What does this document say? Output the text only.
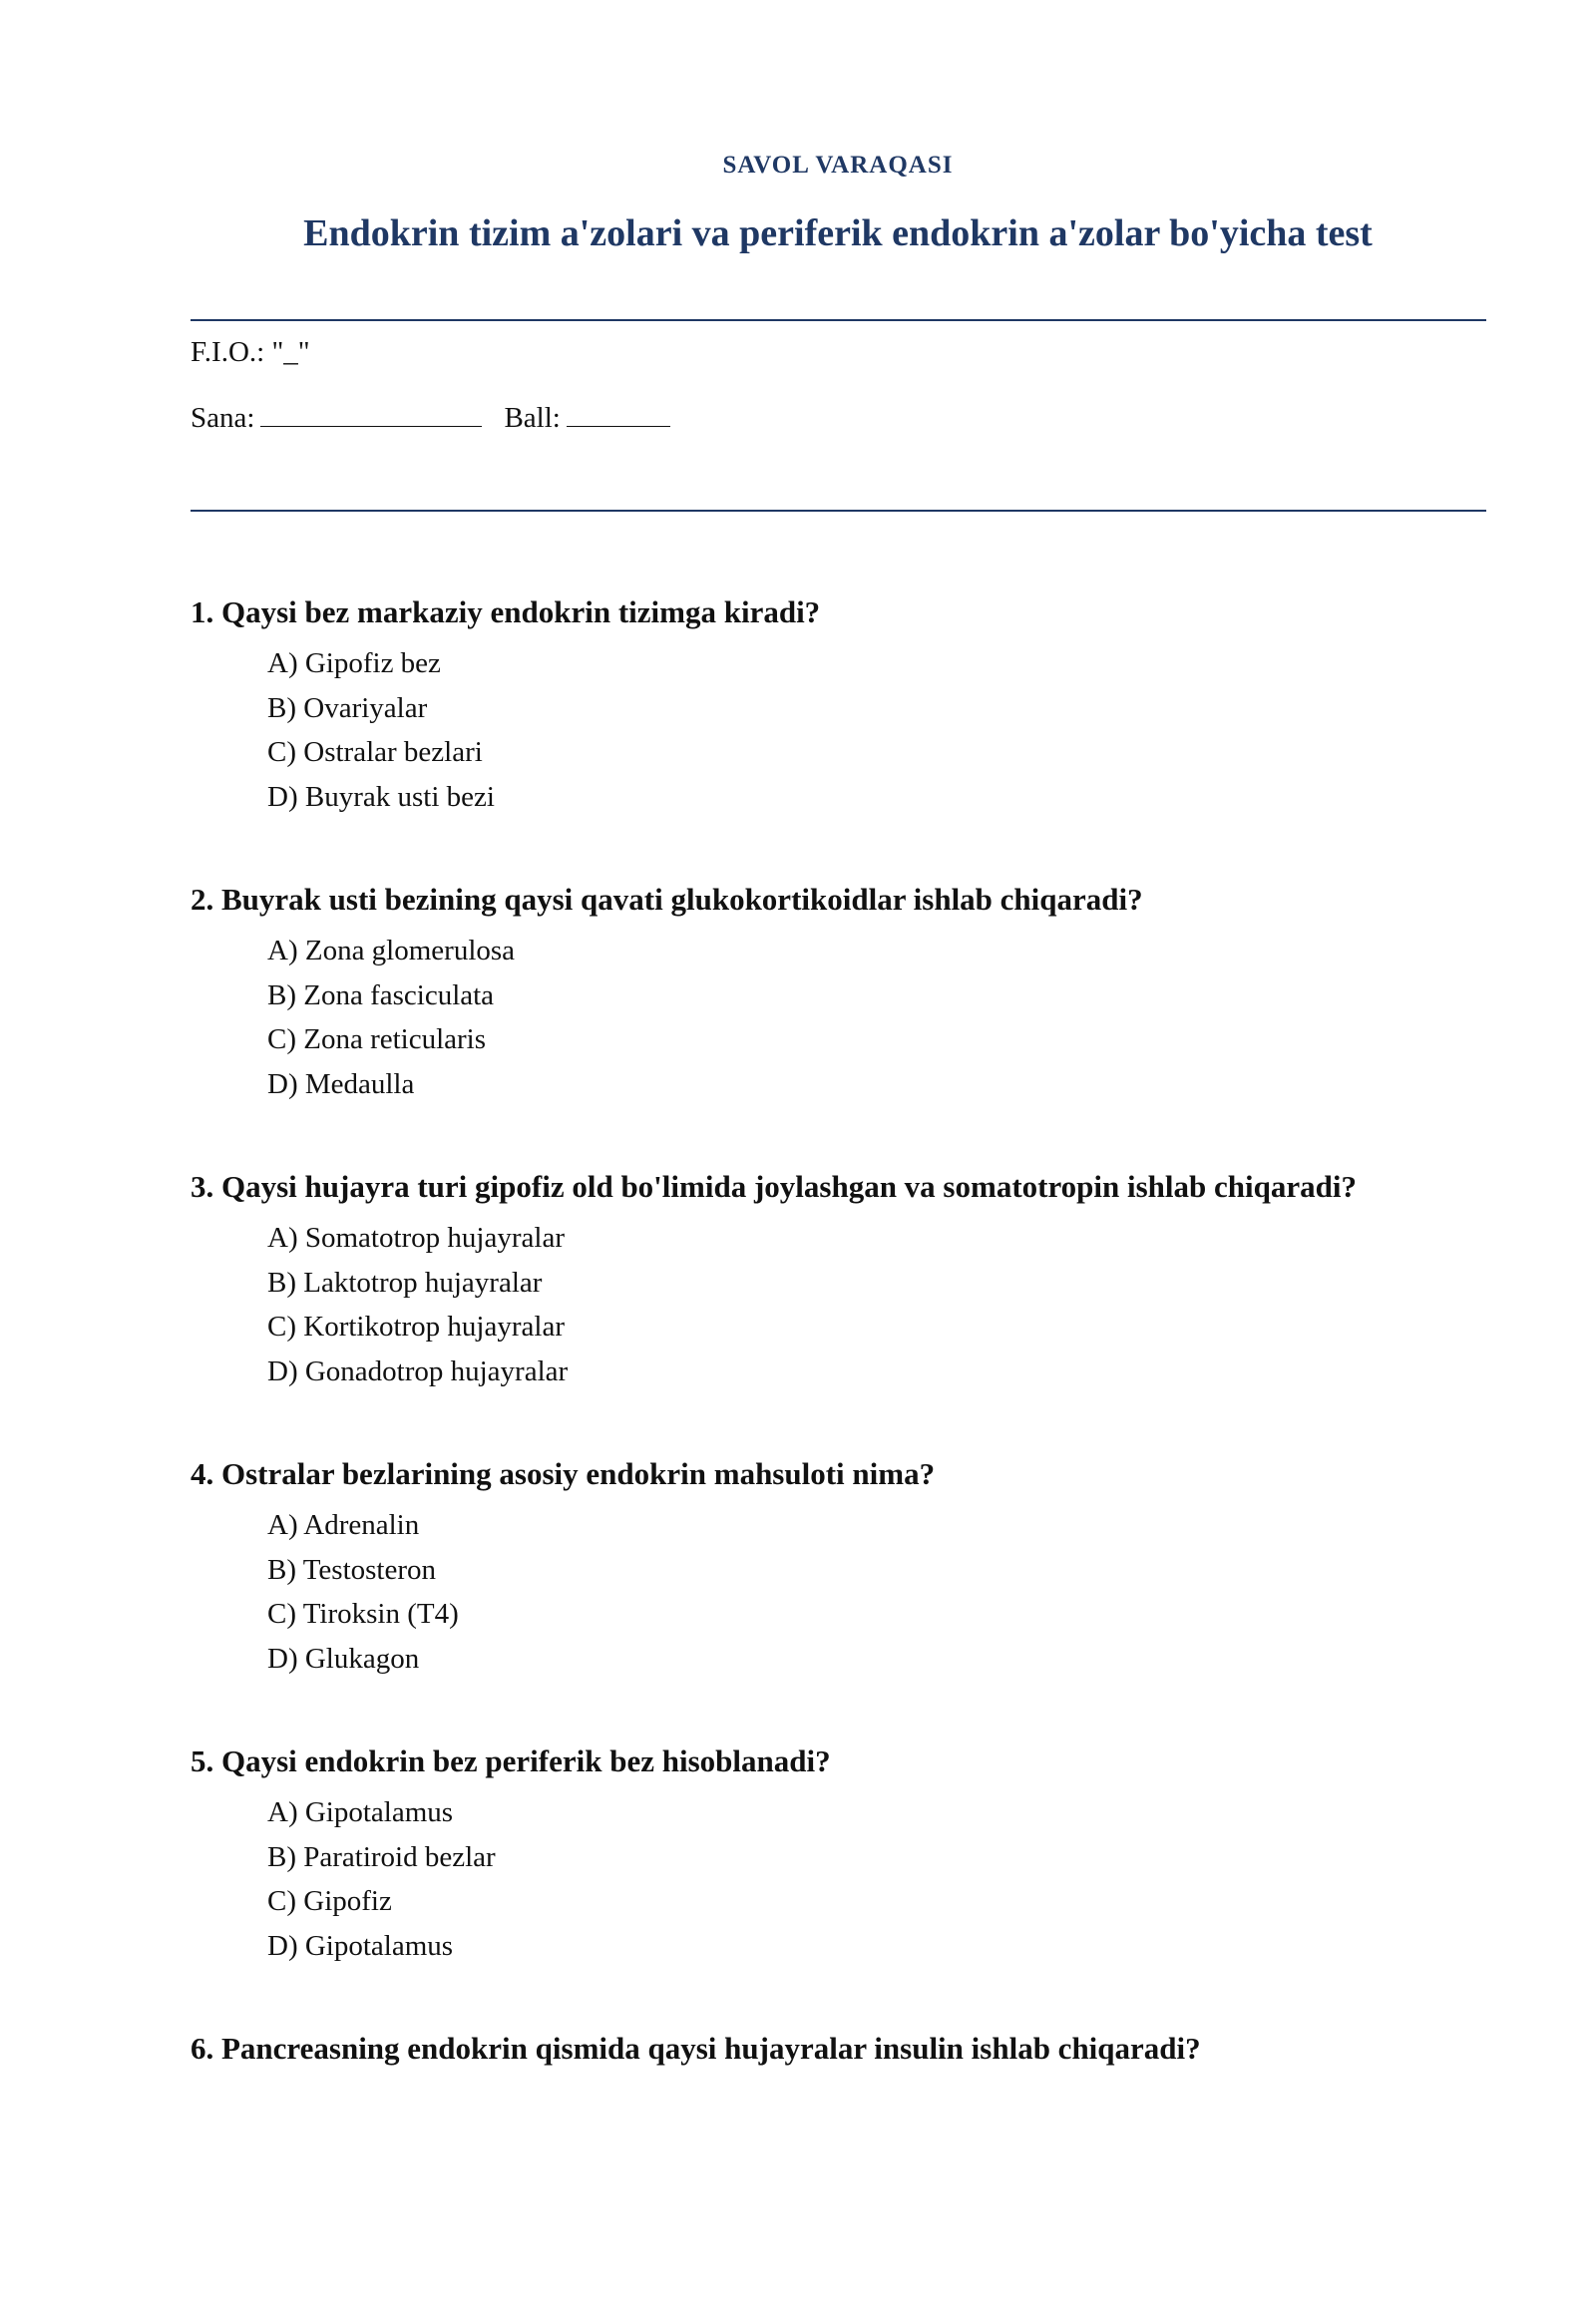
SAVOL VARAQASI
Endokrin tizim a'zolari va periferik endokrin a'zolar bo'yicha test
F.I.O.: "_"
Sana:	Ball:
1. Qaysi bez markaziy endokrin tizimga kiradi?
A) Gipofiz bez
B) Ovariyalar
C) Ostralar bezlari
D) Buyrak usti bezi
2. Buyrak usti bezining qaysi qavati glukokortikoidlar ishlab chiqaradi?
A) Zona glomerulosa
B) Zona fasciculata
C) Zona reticularis
D) Medaulla
3. Qaysi hujayra turi gipofiz old bo'limida joylashgan va somatotropin ishlab chiqaradi?
A) Somatotrop hujayralar
B) Laktotrop hujayralar
C) Kortikotrop hujayralar
D) Gonadotrop hujayralar
4. Ostralar bezlarining asosiy endokrin mahsuloti nima?
A) Adrenalin
B) Testosteron
C) Tiroksin (T4)
D) Glukagon
5. Qaysi endokrin bez periferik bez hisoblanadi?
A) Gipotalamus
B) Paratiroid bezlar
C) Gipofiz
D) Gipotalamus
6. Pancreasning endokrin qismida qaysi hujayralar insulin ishlab chiqaradi?
